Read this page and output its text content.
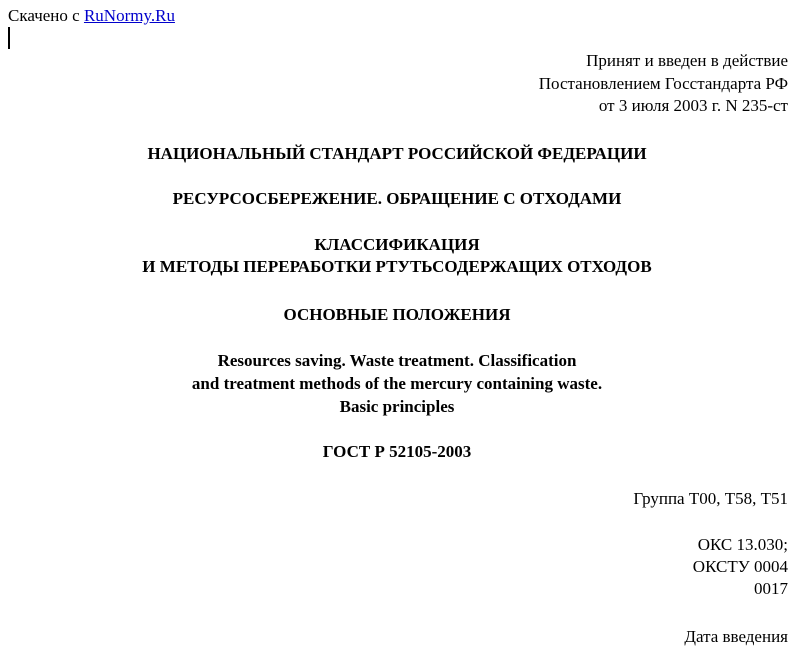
Скачено с RuNormy.Ru
Принят и введен в действие
Постановлением Госстандарта РФ
от 3 июля 2003 г. N 235-ст
НАЦИОНАЛЬНЫЙ СТАНДАРТ РОССИЙСКОЙ ФЕДЕРАЦИИ
РЕСУРСОСБЕРЕЖЕНИЕ. ОБРАЩЕНИЕ С ОТХОДАМИ
КЛАССИФИКАЦИЯ
И МЕТОДЫ ПЕРЕРАБОТКИ РТУТЬСОДЕРЖАЩИХ ОТХОДОВ
ОСНОВНЫЕ ПОЛОЖЕНИЯ
Resources saving. Waste treatment. Classification
and treatment methods of the mercury containing waste.
Basic principles
ГОСТ Р 52105-2003
Группа Т00, Т58, Т51
ОКС 13.030;
ОКСТУ 0004
0017
Дата введения
